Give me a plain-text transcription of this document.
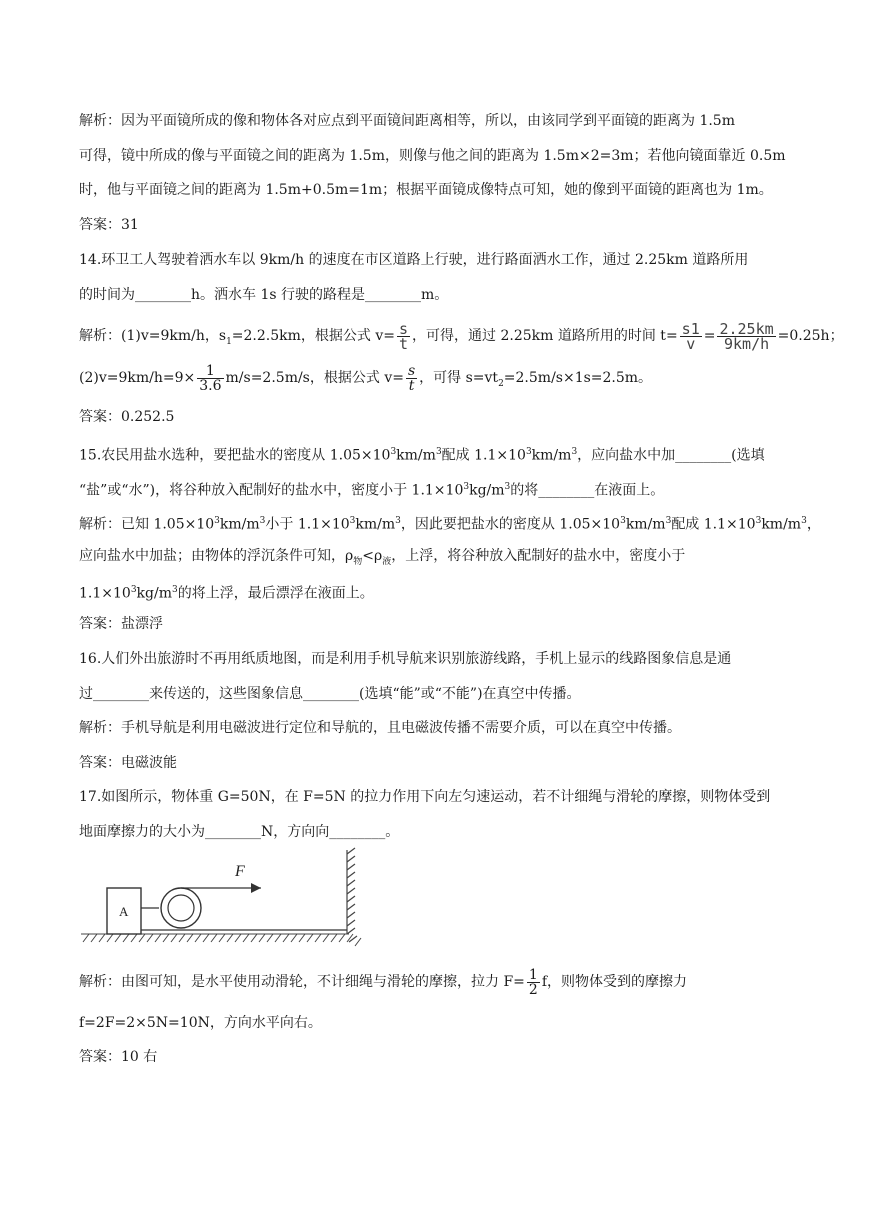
解析：因为平面镜所成的像和物体各对应点到平面镜间距离相等，所以，由该同学到平面镜的距离为 1.5m
可得，镜中所成的像与平面镜之间的距离为 1.5m，则像与他之间的距离为 1.5m×2=3m；若他向镜面靠近 0.5m
时，他与平面镜之间的距离为 1.5m+0.5m=1m；根据平面镜成像特点可知，她的像到平面镜的距离也为 1m。
答案：31
14.环卫工人驾驶着洒水车以 9km/h 的速度在市区道路上行驶，进行路面洒水工作，通过 2.25km 道路所用
的时间为________h。洒水车 1s 行驶的路程是________m。
解析：(1)v=9km/h，$s_1=2.2.5km$，根据公式 $v= \frac{s}{t}$ ，可得，通过 2.25km 道路所用的时间 $t= \frac{s1}{v} = \frac{2.25km}{9km/h} =0.25h$；
$(2)v=9km/h=9\times \frac{1}{3.6} m/s=2.5m/s$，根据公式 $v= \frac{s}{t}$ ，可得 $s=vt_2=2.5m/s\times 1s=2.5m$。
答案：0.252.5
15.农民用盐水选种，要把盐水的密度从 $1.05\times 10^3km/m^3$配成 $1.1\times 10^3km/m^3$，应向盐水中加________(选填
“盐”或“水”)，将谷种放入配制好的盐水中，密度小于 $1.1\times 10^3kg/m^3$的将________在液面上。
解析：已知 $1.05\times 10^3km/m^3$小于 $1.1\times 10^3km/m^3$，因此要把盐水的密度从 $1.05\times 10^3km/m^3$配成 $1.1\times 10^3km/m^3$，
应向盐水中加盐；由物体的浮沉条件可知，$\rho_物<\rho_液$，上浮，将谷种放入配制好的盐水中，密度小于
$1.1\times 10^3kg/m^3$的将上浮，最后漂浮在液面上。
答案：盐漂浮
16.人们外出旅游时不再用纸质地图，而是利用手机导航来识别旅游线路，手机上显示的线路图象信息是通
过________来传送的，这些图象信息________(选填“能”或“不能”)在真空中传播。
解析：手机导航是利用电磁波进行定位和导航的，且电磁波传播不需要介质，可以在真空中传播。
答案：电磁波能
17.如图所示，物体重 G=50N，在 F=5N 的拉力作用下向左匀速运动，若不计细绳与滑轮的摩擦，则物体受到
地面摩擦力的大小为________N，方向向________。
A
F
解析：由图可知，是水平使用动滑轮，不计细绳与滑轮的摩擦，拉力 $F= \frac{1}{2}$ f，则物体受到的摩擦力
f=2F=2×5N=10N，方向水平向右。
答案：10 右
